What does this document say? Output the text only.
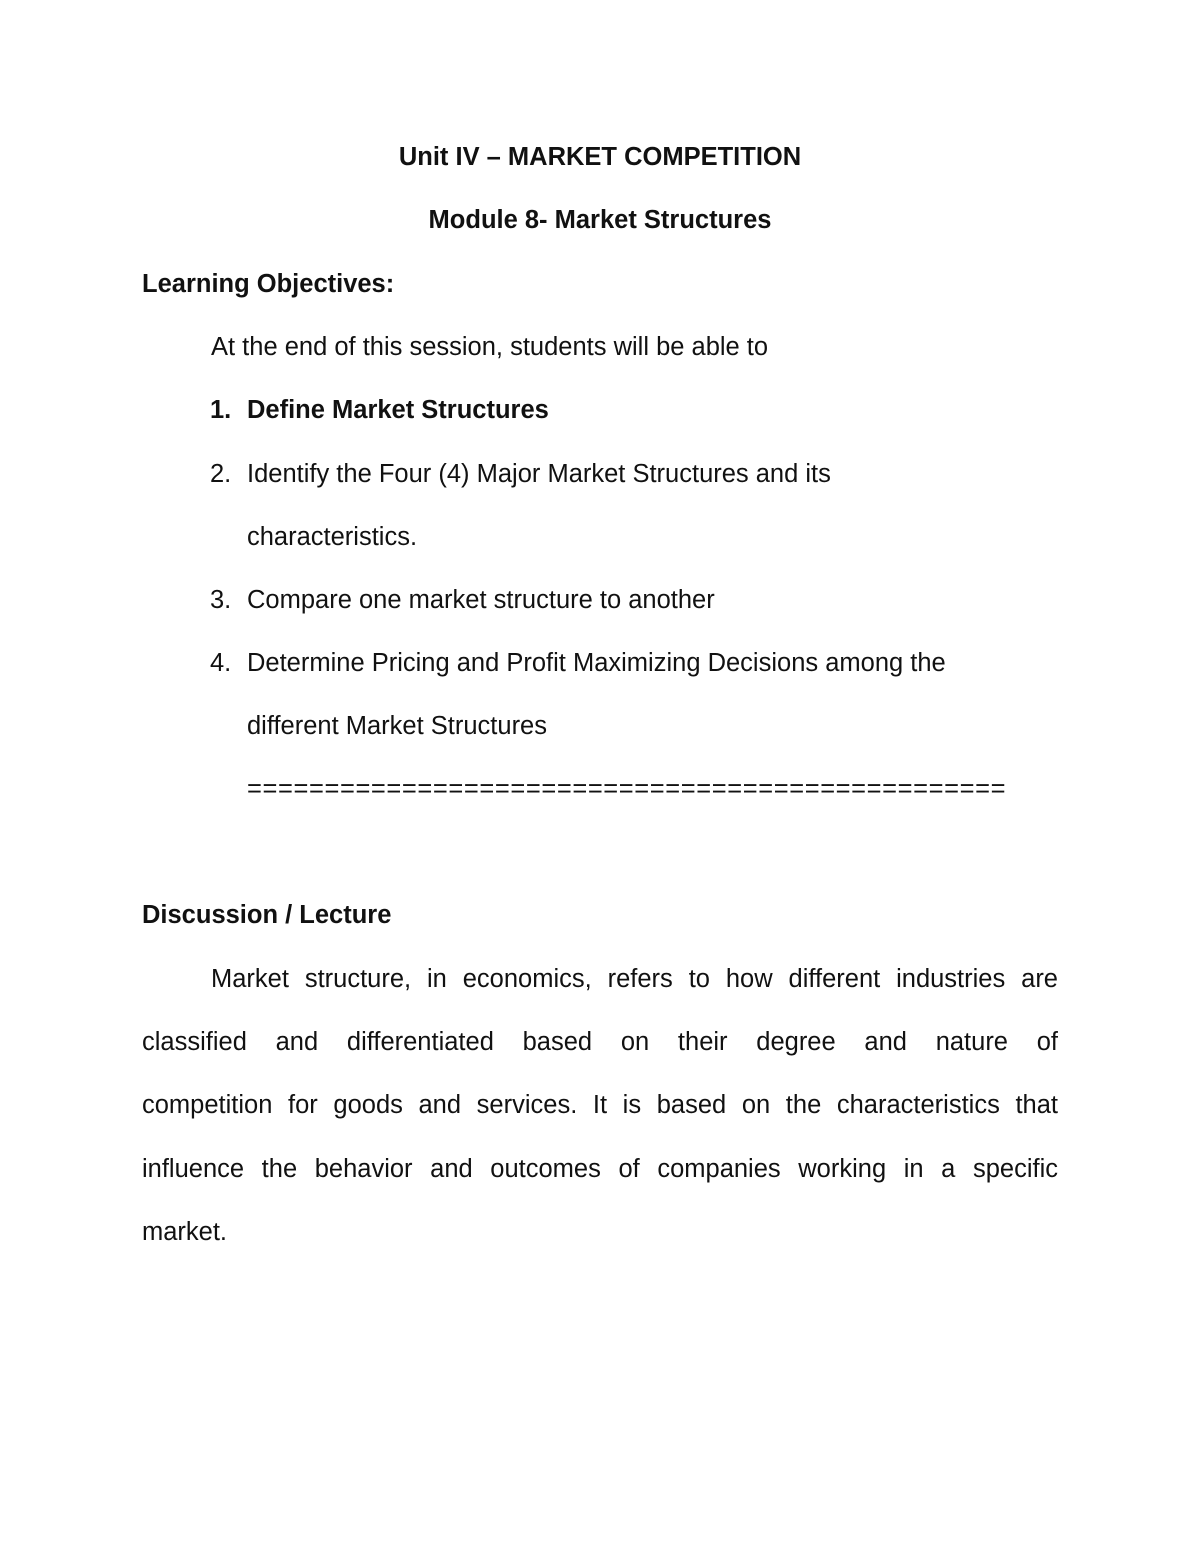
Unit IV – MARKET COMPETITION
Module 8- Market Structures
Learning Objectives:
At the end of this session, students will be able to
1. Define Market Structures
2. Identify the Four (4) Major Market Structures and its
characteristics.
3. Compare one market structure to another
4. Determine Pricing and Profit Maximizing Decisions among the
different Market Structures
=================================================
Discussion / Lecture
Market structure, in economics, refers to how different industries are
classified and differentiated based on their degree and nature of
competition for goods and services. It is based on the characteristics that
influence the behavior and outcomes of companies working in a specific
market.
